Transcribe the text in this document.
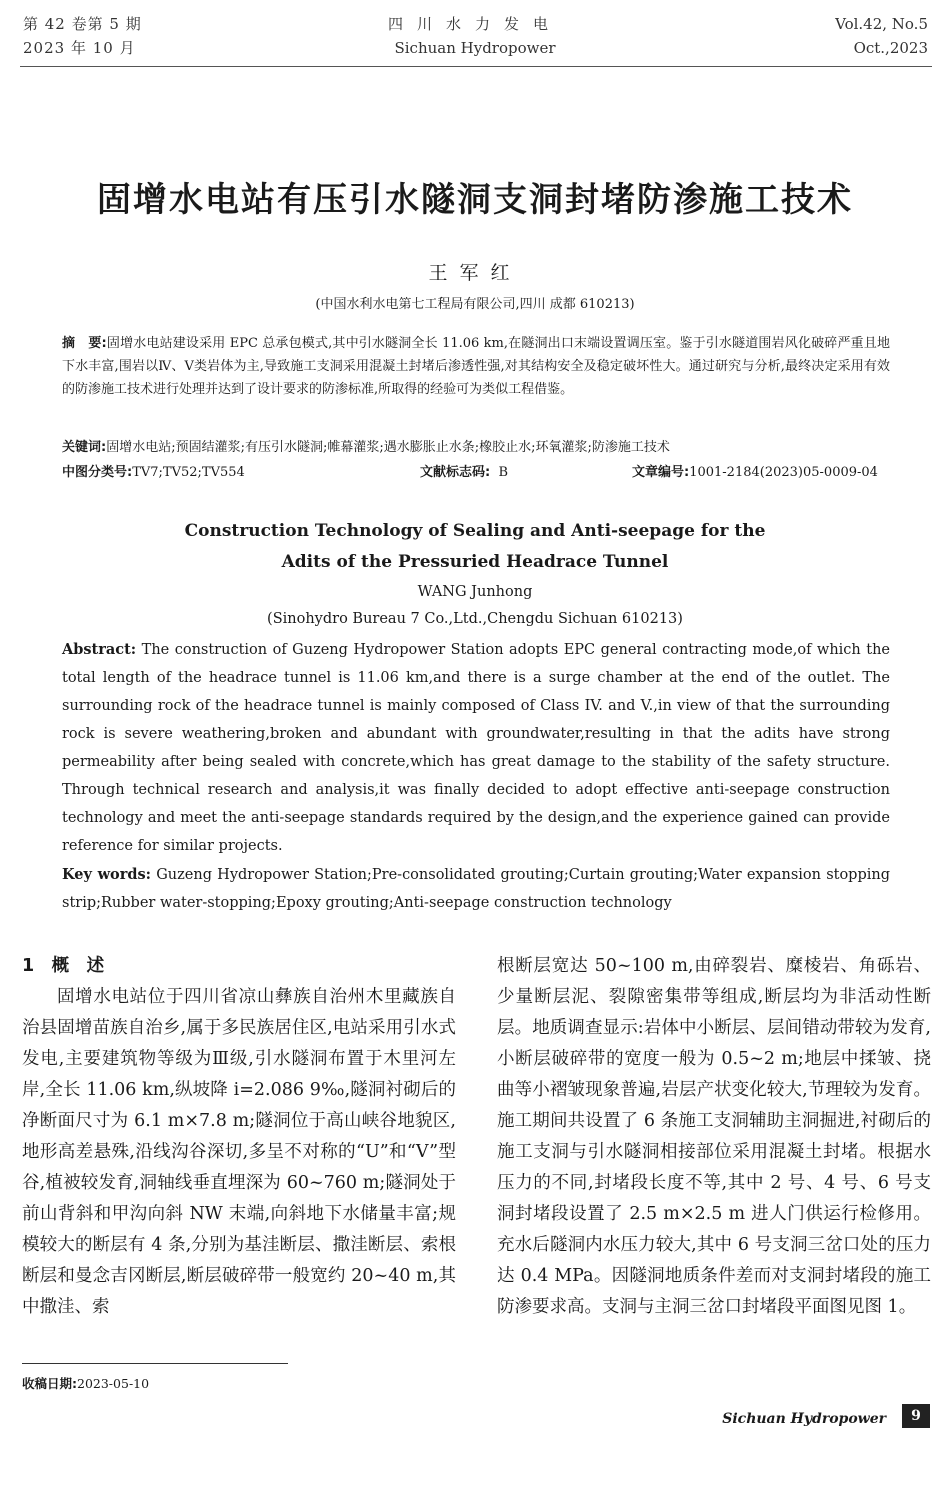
第 42 卷第 5 期
2023 年 10 月
四川水力发电
Sichuan Hydropower
Vol.42, No.5
Oct.,2023
固增水电站有压引水隧洞支洞封堵防渗施工技术
王军红
(中国水利水电第七工程局有限公司,四川 成都 610213)
摘　要:固增水电站建设采用 EPC 总承包模式,其中引水隧洞全长 11.06 km,在隧洞出口末端设置调压室。鉴于引水隧道围岩风化破碎严重且地下水丰富,围岩以Ⅳ、Ⅴ类岩体为主,导致施工支洞采用混凝土封堵后渗透性强,对其结构安全及稳定破坏性大。通过研究与分析,最终决定采用有效的防渗施工技术进行处理并达到了设计要求的防渗标准,所取得的经验可为类似工程借鉴。
关键词:固增水电站;预固结灌浆;有压引水隧洞;帷幕灌浆;遇水膨胀止水条;橡胶止水;环氧灌浆;防渗施工技术
中图分类号:TV7;TV52;TV554	文献标志码: B	文章编号:1001-2184(2023)05-0009-04
Construction Technology of Sealing and Anti-seepage for the
Adits of the Pressuried Headrace Tunnel
WANG Junhong
(Sinohydro Bureau 7 Co.,Ltd.,Chengdu Sichuan 610213)
Abstract: The construction of Guzeng Hydropower Station adopts EPC general contracting mode,of which the total length of the headrace tunnel is 11.06 km,and there is a surge chamber at the end of the outlet. The surrounding rock of the headrace tunnel is mainly composed of Class IV. and V.,in view of that the surrounding rock is severe weathering,broken and abundant with groundwater,resulting in that the adits have strong permeability after being sealed with concrete,which has great damage to the stability of the safety structure. Through technical research and analysis,it was finally decided to adopt effective anti-seepage construction technology and meet the anti-seepage standards required by the design,and the experience gained can provide reference for similar projects.
Key words: Guzeng Hydropower Station;Pre-consolidated grouting;Curtain grouting;Water expansion stopping strip;Rubber water-stopping;Epoxy grouting;Anti-seepage construction technology

1　概　述

固增水电站位于四川省凉山彝族自治州木里藏族自治县固增苗族自治乡,属于多民族居住区,电站采用引水式发电,主要建筑物等级为Ⅲ级,引水隧洞布置于木里河左岸,全长 11.06 km,纵坡降 i=2.086 9‰,隧洞衬砌后的净断面尺寸为 6.1 m×7.8 m;隧洞位于高山峡谷地貌区,地形高差悬殊,沿线沟谷深切,多呈不对称的“U”和“V”型谷,植被较发育,洞轴线垂直埋深为 60~760 m;隧洞处于前山背斜和甲沟向斜 NW 末端,向斜地下水储量丰富;规模较大的断层有 4 条,分别为基洼断层、撒洼断层、索根断层和曼念吉冈断层,断层破碎带一般宽约 20~40 m,其中撒洼、索

根断层宽达 50~100 m,由碎裂岩、糜棱岩、角砾岩、少量断层泥、裂隙密集带等组成,断层均为非活动性断层。地质调查显示:岩体中小断层、层间错动带较为发育,小断层破碎带的宽度一般为 0.5~2 m;地层中揉皱、挠曲等小褶皱现象普遍,岩层产状变化较大,节理较为发育。施工期间共设置了 6 条施工支洞辅助主洞掘进,衬砌后的施工支洞与引水隧洞相接部位采用混凝土封堵。根据水压力的不同,封堵段长度不等,其中 2 号、4 号、6 号支洞封堵段设置了 2.5 m×2.5 m 进人门供运行检修用。充水后隧洞内水压力较大,其中 6 号支洞三岔口处的压力达 0.4 MPa。因隧洞地质条件差而对支洞封堵段的施工防渗要求高。支洞与主洞三岔口封堵段平面图见图 1。

收稿日期:2023-05-10
Sichuan Hydropower	9
